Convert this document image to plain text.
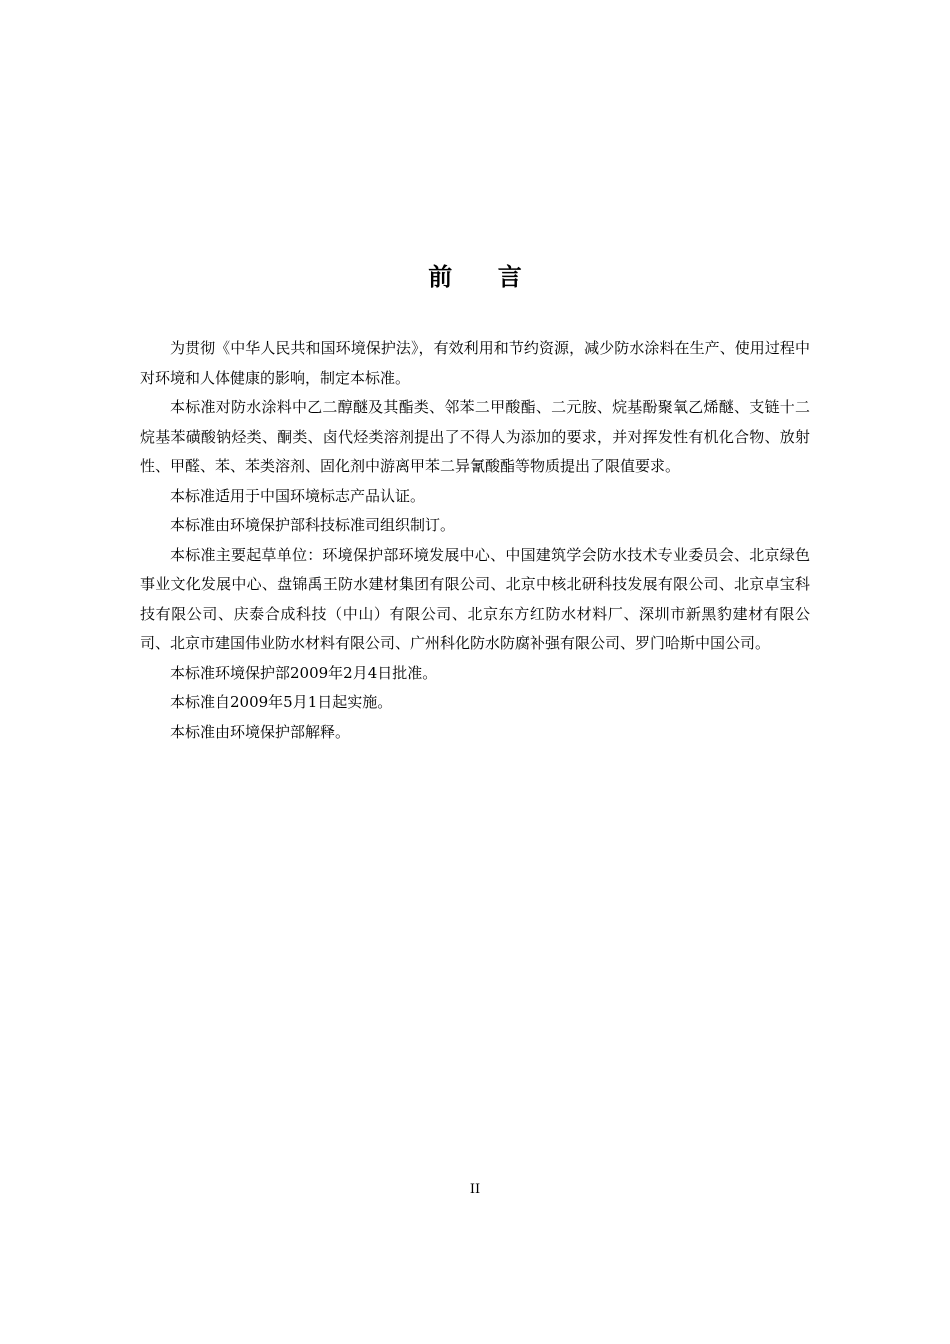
前言

为贯彻《中华人民共和国环境保护法》，有效利用和节约资源，减少防水涂料在生产、使用过程中对环境和人体健康的影响，制定本标准。

本标准对防水涂料中乙二醇醚及其酯类、邻苯二甲酸酯、二元胺、烷基酚聚氧乙烯醚、支链十二烷基苯磺酸钠烃类、酮类、卤代烃类溶剂提出了不得人为添加的要求，并对挥发性有机化合物、放射性、甲醛、苯、苯类溶剂、固化剂中游离甲苯二异氰酸酯等物质提出了限值要求。

本标准适用于中国环境标志产品认证。

本标准由环境保护部科技标准司组织制订。

本标准主要起草单位：环境保护部环境发展中心、中国建筑学会防水技术专业委员会、北京绿色事业文化发展中心、盘锦禹王防水建材集团有限公司、北京中核北研科技发展有限公司、北京卓宝科技有限公司、庆泰合成科技（中山）有限公司、北京东方红防水材料厂、深圳市新黑豹建材有限公司、北京市建国伟业防水材料有限公司、广州科化防水防腐补强有限公司、罗门哈斯中国公司。

本标准环境保护部2009年2月4日批准。

本标准自2009年5月1日起实施。

本标准由环境保护部解释。

II
